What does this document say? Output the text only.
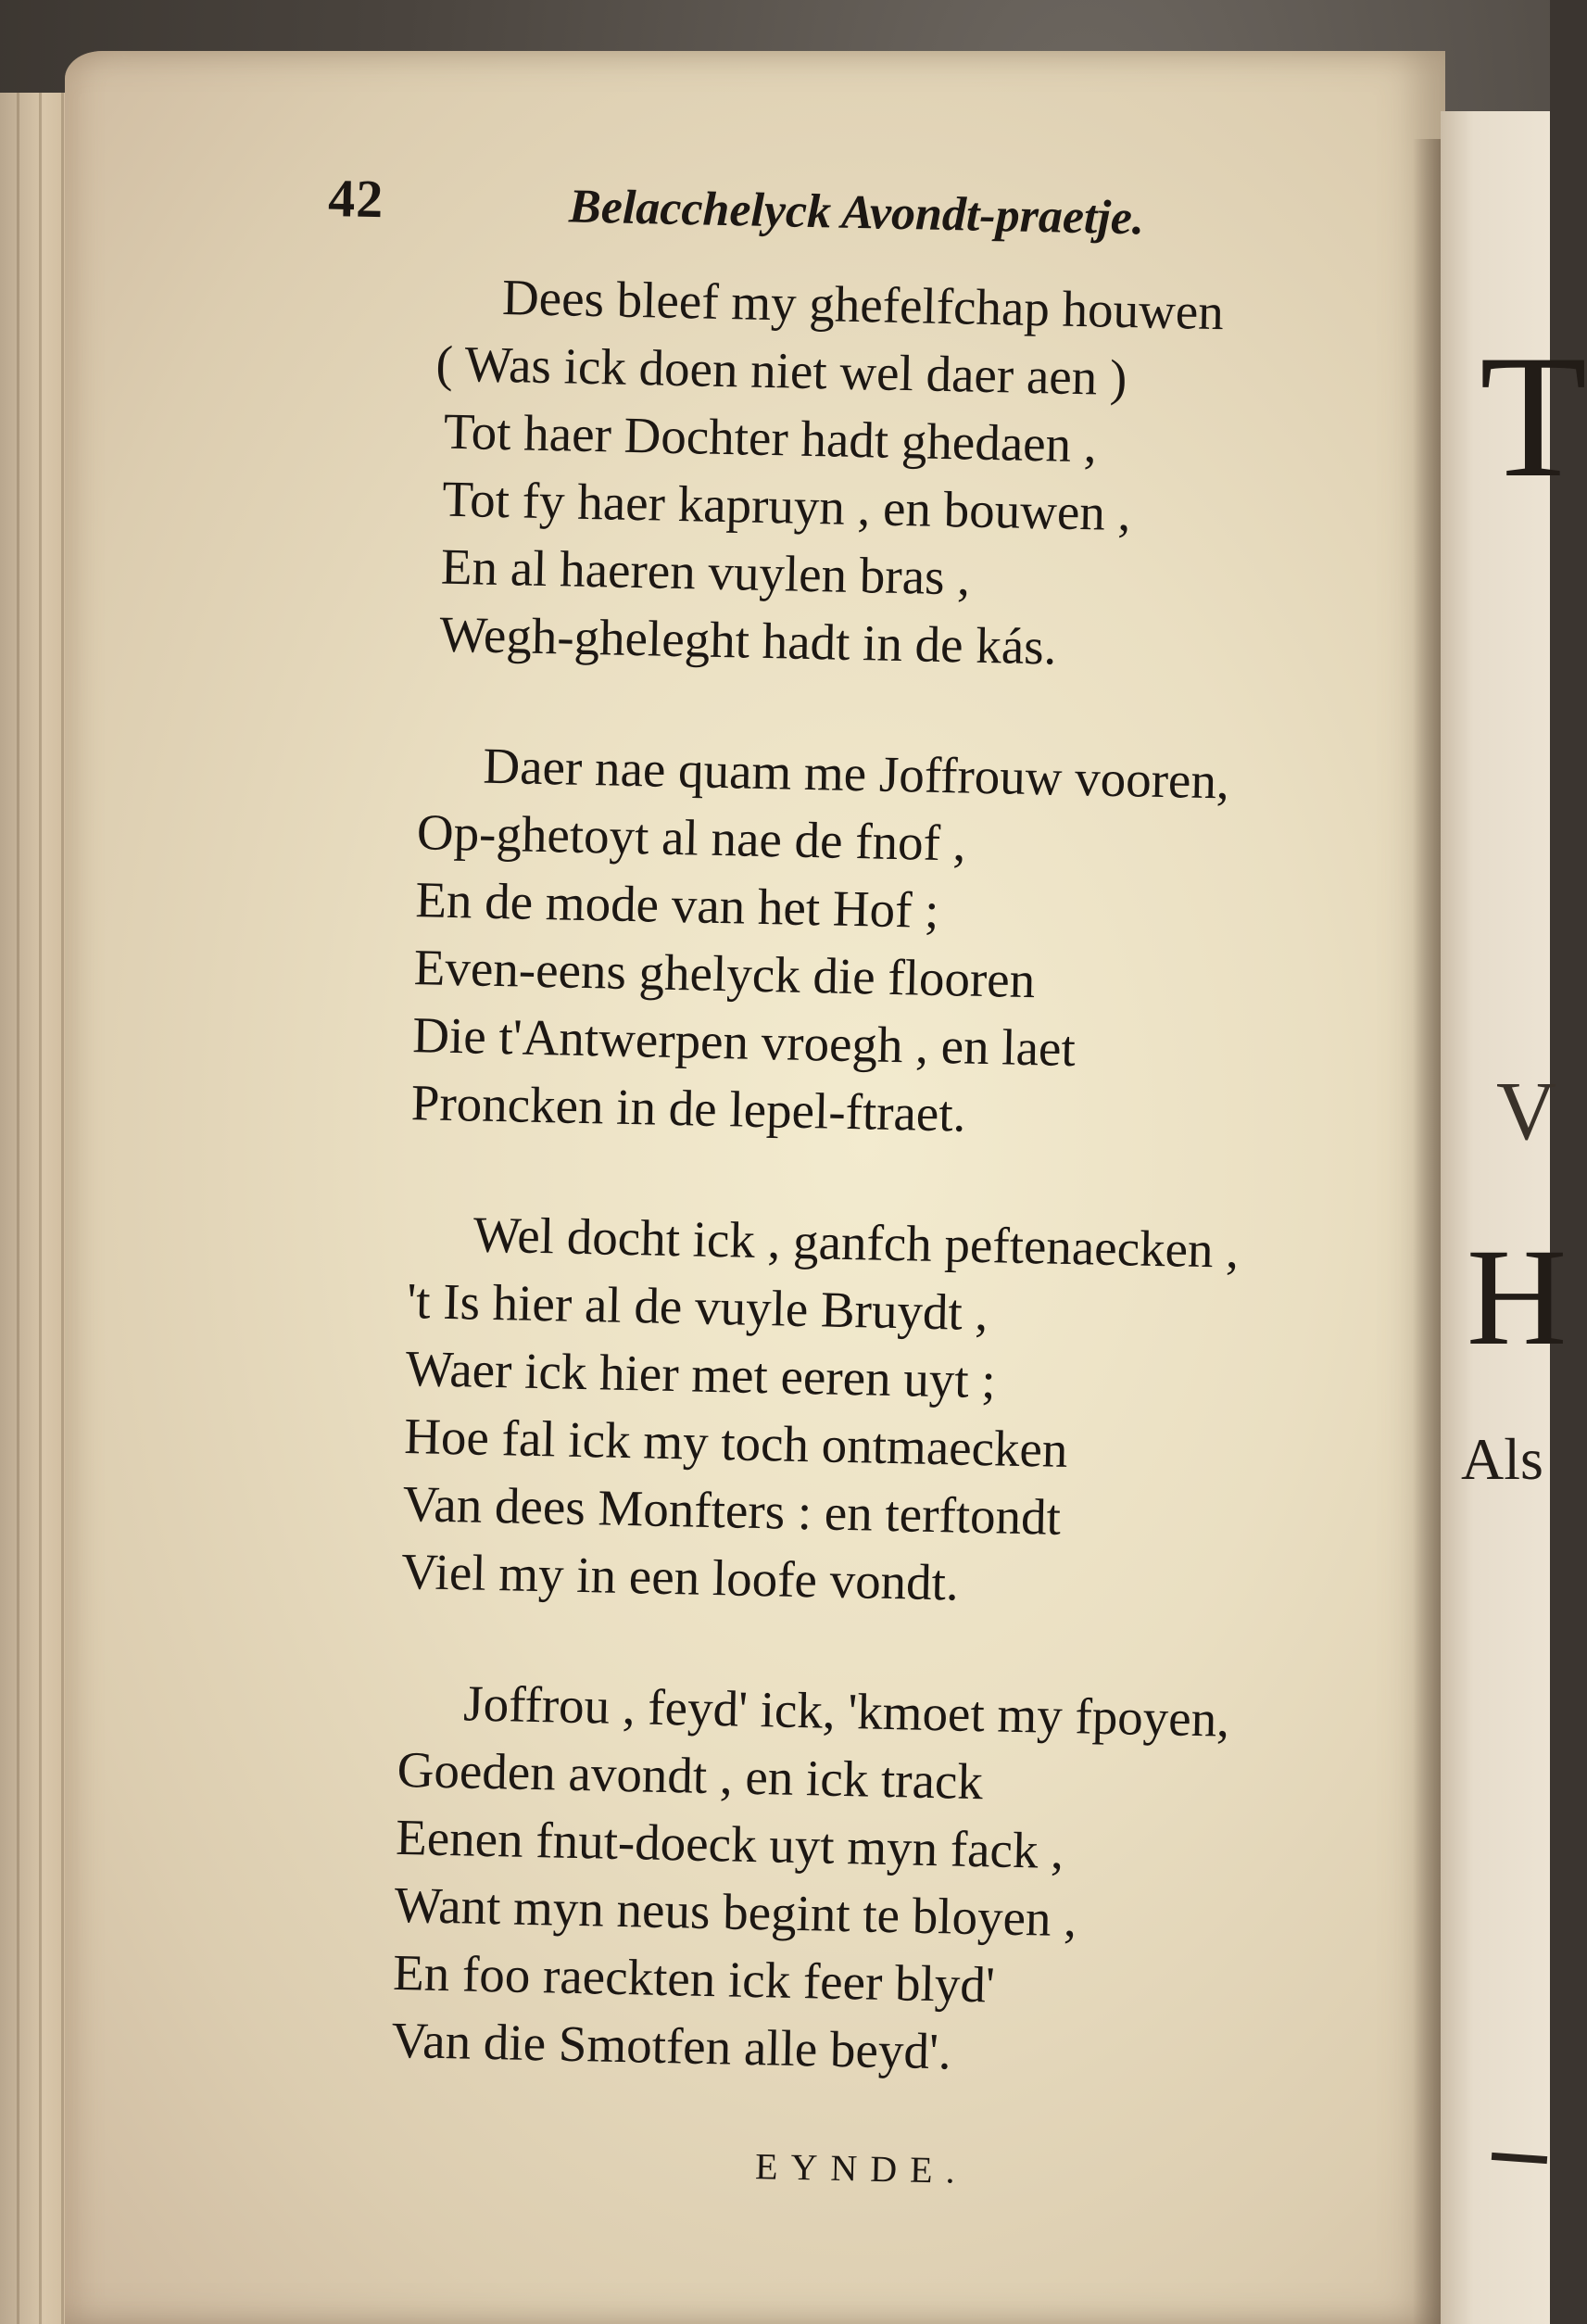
T
V
H
Als
42	Belacchelyck Avondt-praetje.
Dees bleef my ghefelfchap houwen
( Was ick doen niet wel daer aen )
Tot haer Dochter hadt ghedaen ,
Tot fy haer kapruyn , en bouwen ,
En al haeren vuylen bras ,
Wegh-gheleght hadt in de kás.
Daer nae quam me Joffrouw vooren,
Op-ghetoyt al nae de fnof ,
En de mode van het Hof ;
Even-eens ghelyck die flooren
Die t'Antwerpen vroegh , en laet
Proncken in de lepel-ftraet.
Wel docht ick , ganfch peftenaecken ,
't Is hier al de vuyle Bruydt ,
Waer ick hier met eeren uyt ;
Hoe fal ick my toch ontmaecken
Van dees Monfters : en terftondt
Viel my in een loofe vondt.
Joffrou , feyd' ick, 'kmoet my fpoyen,
Goeden avondt , en ick track
Eenen fnut-doeck uyt myn fack ,
Want myn neus begint te bloyen ,
En foo raeckten ick feer blyd'
Van die Smotfen alle beyd'.
EYNDE.
